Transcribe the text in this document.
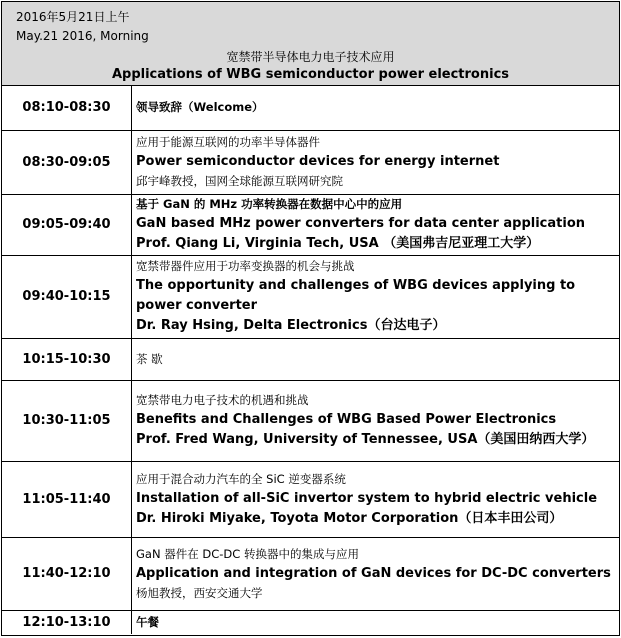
2016年5月21日上午
May.21 2016, Morning
宽禁带半导体电力电子技术应用
Applications of WBG semiconductor power electronics
08:10-08:30	领导致辞（Welcome）

08:30-09:05	应用于能源互联网的功率半导体器件
Power semiconductor devices for energy internet
邱宇峰教授，国网全球能源互联网研究院

09:05-09:40	基于 GaN 的 MHz 功率转换器在数据中心中的应用
GaN based MHz power converters for data center application
Prof. Qiang Li, Virginia Tech, USA （美国弗吉尼亚理工大学）

09:40-10:15	宽禁带器件应用于功率变换器的机会与挑战
The opportunity and challenges of WBG devices applying to power converter
Dr. Ray Hsing, Delta Electronics（台达电子）

10:15-10:30	茶 歇

10:30-11:05	宽禁带电力电子技术的机遇和挑战
Benefits and Challenges of WBG Based Power Electronics
Prof. Fred Wang, University of Tennessee, USA（美国田纳西大学）

11:05-11:40	应用于混合动力汽车的全 SiC 逆变器系统
Installation of all-SiC invertor system to hybrid electric vehicle
Dr. Hiroki Miyake, Toyota Motor Corporation（日本丰田公司）

11:40-12:10	GaN 器件在 DC-DC 转换器中的集成与应用
Application and integration of GaN devices for DC-DC converters
杨旭教授，西安交通大学

12:10-13:10	午餐
